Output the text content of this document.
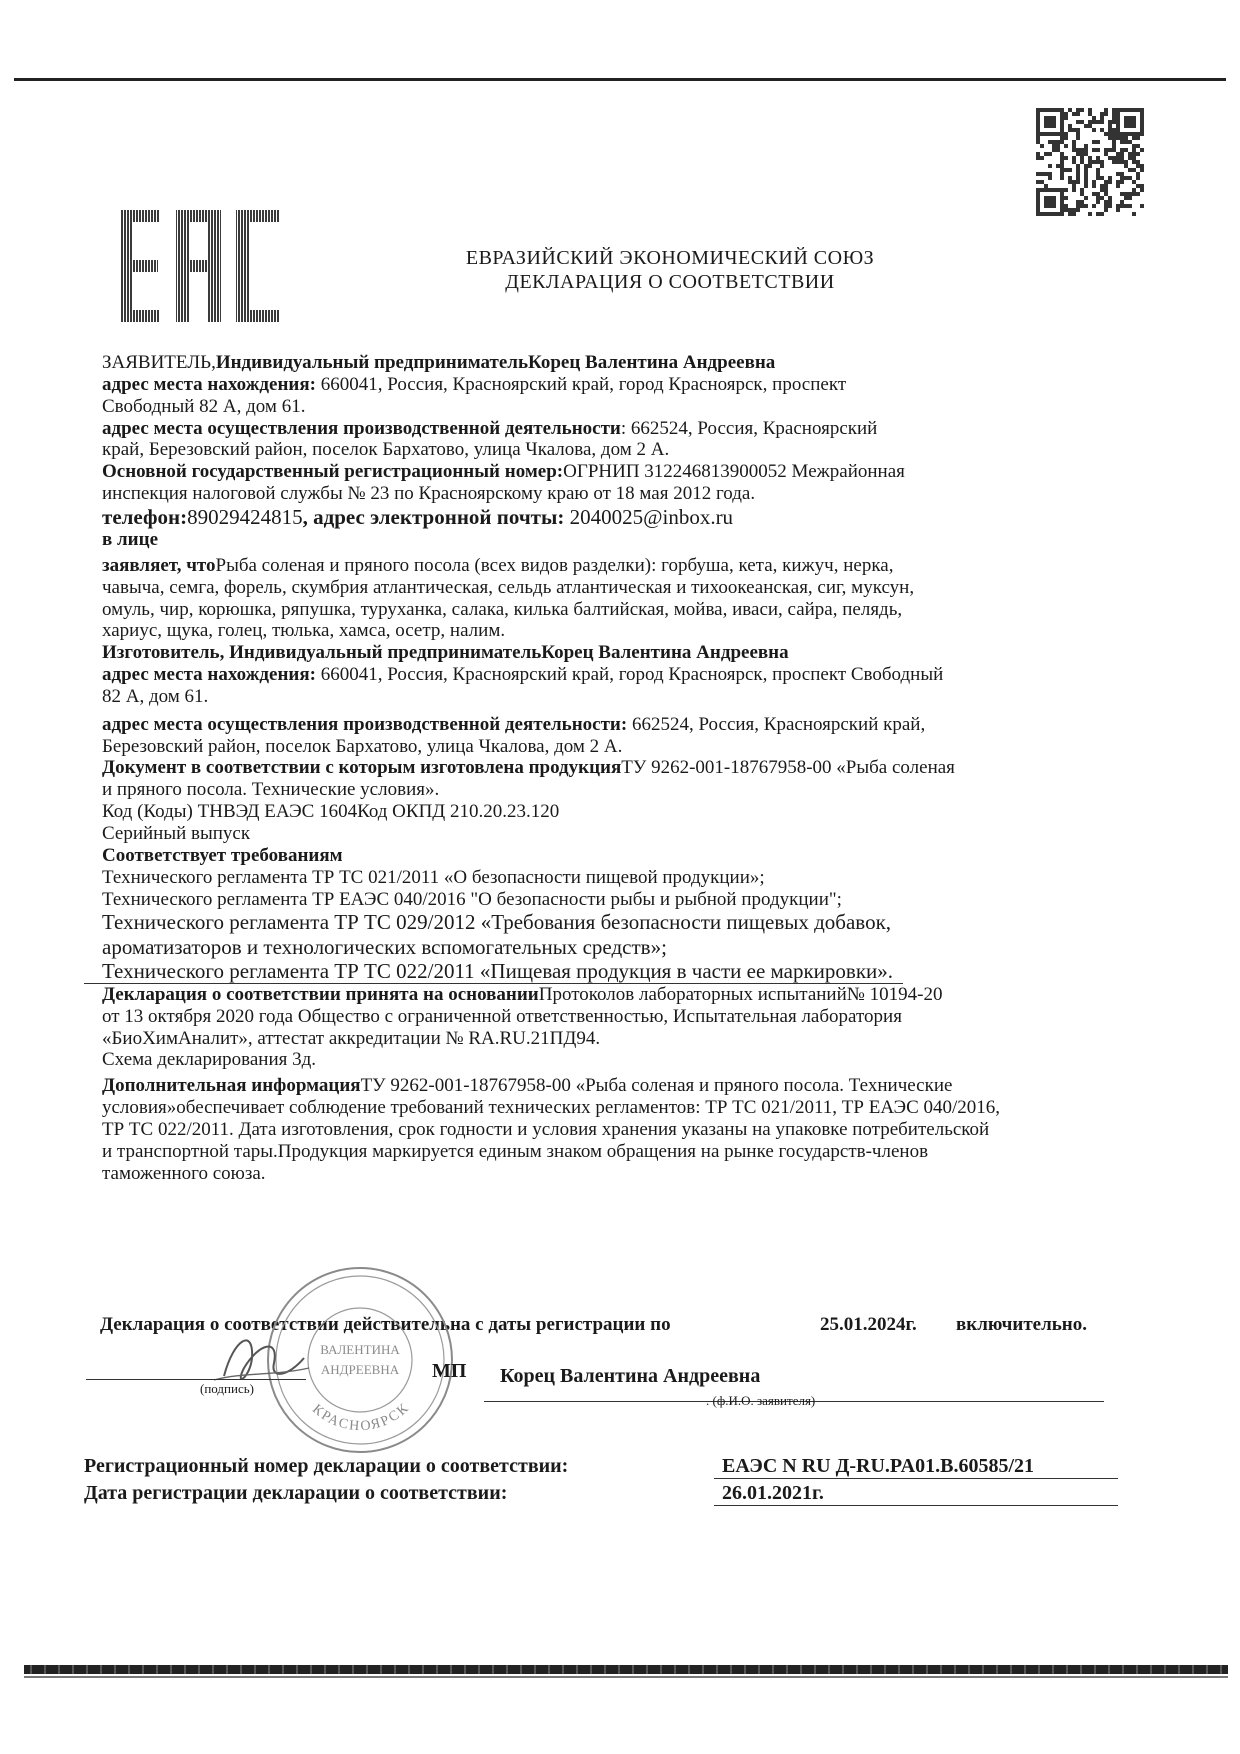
ЕВРАЗИЙСКИЙ ЭКОНОМИЧЕСКИЙ СОЮЗ
ДЕКЛАРАЦИЯ О СООТВЕТСТВИИ

ЗАЯВИТЕЛЬ,Индивидуальный предпринимательКорец Валентина Андреевна

адрес места нахождения: 660041, Россия, Красноярский край, город Красноярск, проспект
Свободный 82 А, дом 61.

адрес места осуществления производственной деятельности: 662524, Россия, Красноярский
край, Березовский район, поселок Бархатово, улица Чкалова, дом 2 А.

Основной государственный регистрационный номер:ОГРНИП 312246813900052 Межрайонная
инспекция налоговой службы № 23 по Красноярскому краю от 18 мая 2012 года.

телефон:89029424815, адрес электронной почты: 2040025@inbox.ru

в лице

заявляет, чтоРыба соленая и пряного посола (всех видов разделки): горбуша, кета, кижуч, нерка,
чавыча, семга, форель, скумбрия атлантическая, сельдь атлантическая и тихоокеанская, сиг, муксун,
омуль, чир, корюшка, ряпушка, туруханка, салака, килька балтийская, мойва, иваси, сайра, пелядь,
хариус, щука, голец, тюлька, хамса, осетр, налим.

Изготовитель, Индивидуальный предпринимательКорец Валентина Андреевна

адрес места нахождения: 660041, Россия, Красноярский край, город Красноярск, проспект Свободный
82 А, дом 61.

адрес места осуществления производственной деятельности: 662524, Россия, Красноярский край,
Березовский район, поселок Бархатово, улица Чкалова, дом 2 А.

Документ в соответствии с которым изготовлена продукцияТУ 9262-001-18767958-00 «Рыба соленая
и пряного посола. Технические условия».

Код (Коды) ТНВЭД ЕАЭС 1604Код ОКПД 210.20.23.120

Серийный выпуск

Соответствует требованиям

Технического регламента ТР ТС 021/2011 «О безопасности пищевой продукции»;

Технического регламента ТР ЕАЭС 040/2016 "О безопасности рыбы и рыбной продукции";

Технического регламента ТР ТС 029/2012 «Требования безопасности пищевых добавок,

ароматизаторов и технологических вспомогательных средств»;

Технического регламента ТР ТС 022/2011 «Пищевая продукция в части ее маркировки».

Декларация о соответствии принята на основанииПротоколов лабораторных испытаний№ 10194-20
от 13 октября 2020 года Общество с ограниченной ответственностью, Испытательная лаборатория
«БиоХимАналит», аттестат аккредитации № RA.RU.21ПД94.

Схема декларирования 3д.

Дополнительная информацияТУ 9262-001-18767958-00 «Рыба соленая и пряного посола. Технические
условия»обеспечивает соблюдение требований технических регламентов: ТР ТС 021/2011, ТР ЕАЭС 040/2016,
ТР ТС 022/2011. Дата изготовления, срок годности и условия хранения указаны на упаковке потребительской
и транспортной тары.Продукция маркируется единым знаком обращения на рынке государств-членов
таможенного союза.

Декларация о соответствии действительна с даты регистрации по	25.01.2024г. включительно.
КРАСНОЯРСК
ВАЛЕНТИНА
АНДРЕЕВНА
(подпись)
МП Корец Валентина Андреевна
. (ф.И.О. заявителя)
Регистрационный номер декларации о соответствии:	ЕАЭС N RU Д-RU.PA01.B.60585/21
Дата регистрации декларации о соответствии:	26.01.2021г.
